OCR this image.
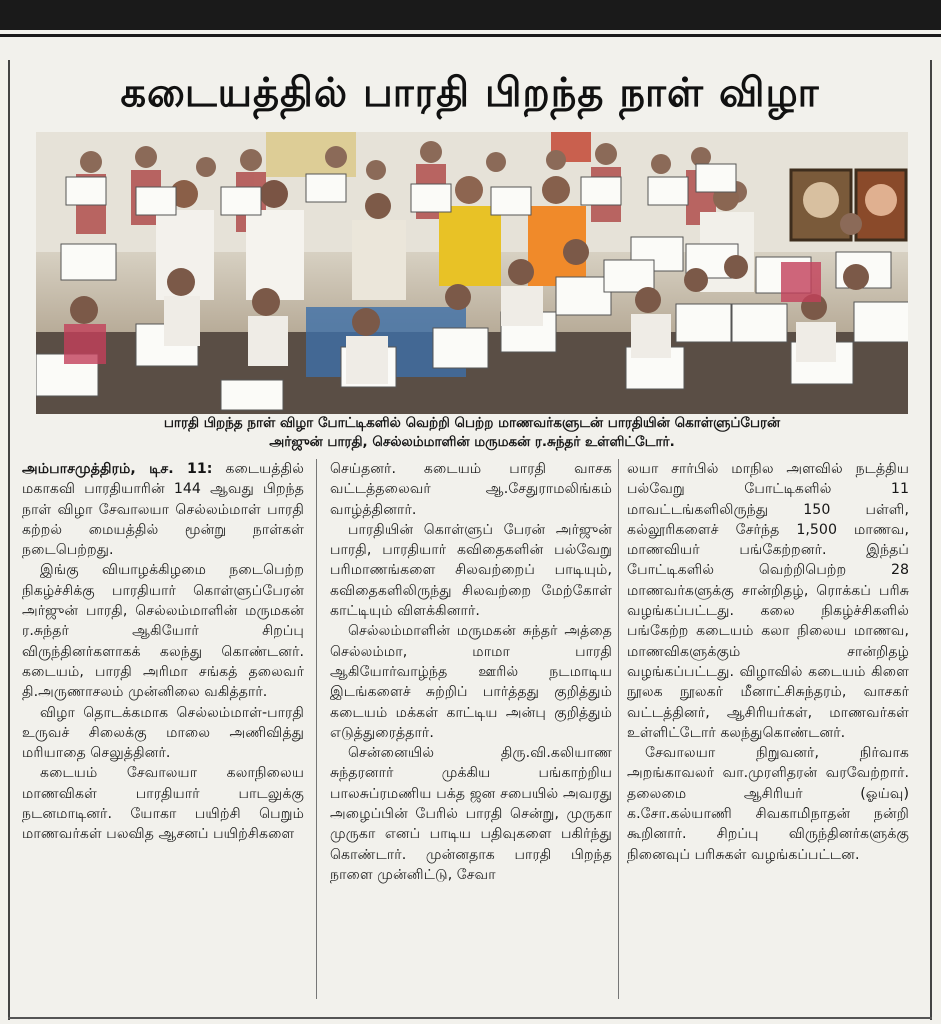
கடையத்தில் பாரதி பிறந்த நாள் விழா
பாரதி பிறந்த நாள் விழா போட்டிகளில் வெற்றி பெற்ற மாணவர்களுடன் பாரதியின் கொள்ளுப்பேரன்
அர்ஜுன் பாரதி, செல்லம்மாளின் மருமகன் ர.சுந்தர் உள்ளிட்டோர்.

அம்பாசமுத்திரம், டிச. 11: கடையத்தில் மகாகவி பாரதியாரின் 144 ஆவது பிறந்த நாள் விழா சேவாலயா செல்லம்மாள் பாரதி கற்றல் மையத்தில் மூன்று நாள்கள் நடைபெற்றது.

இங்கு வியாழக்கிழமை நடைபெற்ற நிகழ்ச்சிக்கு பாரதியார் கொள்ளுப்பேரன் அர்ஜுன் பாரதி, செல்லம்மாளின் மருமகன் ர.சுந்தர் ஆகியோர் சிறப்பு விருந்தினர்களாகக் கலந்து கொண்டனர். கடையம், பாரதி அரிமா சங்கத் தலைவர் தி.அருணாசலம் முன்னிலை வகித்தார்.

விழா தொடக்கமாக செல்லம்மாள்-பாரதி உருவச் சிலைக்கு மாலை அணிவித்து மரியாதை செலுத்தினர்.

கடையம் சேவாலயா கலாநிலைய மாணவிகள் பாரதியார் பாடலுக்கு நடனமாடினர். யோகா பயிற்சி பெறும் மாணவர்கள் பலவித ஆசனப் பயிற்சிகளை

செய்தனர். கடையம் பாரதி வாசக வட்டத்தலைவர் ஆ.சேதுராமலிங்கம் வாழ்த்தினார்.

பாரதியின் கொள்ளுப் பேரன் அர்ஜுன் பாரதி, பாரதியார் கவிதைகளின் பல்வேறு பரிமாணங்களை சிலவற்றைப் பாடியும், கவிதைகளிலிருந்து சிலவற்றை மேற்கோள் காட்டியும் விளக்கினார்.

செல்லம்மாளின் மருமகன் சுந்தர் அத்தை செல்லம்மா, மாமா பாரதி ஆகியோர்வாழ்ந்த ஊரில் நடமாடிய இடங்களைச் சுற்றிப் பார்த்தது குறித்தும் கடையம் மக்கள் காட்டிய அன்பு குறித்தும் எடுத்துரைத்தார்.

சென்னையில் திரு.வி.கலியாண சுந்தரனார் முக்கிய பங்காற்றிய பாலசுப்ரமணிய பக்த ஜன சபையில் அவரது அழைப்பின் பேரில் பாரதி சென்று, முருகா முருகா எனப் பாடிய பதிவுகளை பகிர்ந்து கொண்டார். முன்னதாக பாரதி பிறந்த நாளை முன்னிட்டு, சேவா

லயா சார்பில் மாநில அளவில் நடத்திய பல்வேறு போட்டிகளில் 11 மாவட்டங்களிலிருந்து 150 பள்ளி, கல்லூரிகளைச் சேர்ந்த 1,500 மாணவ, மாணவியர் பங்கேற்றனர். இந்தப் போட்டிகளில் வெற்றிபெற்ற 28 மாணவர்களுக்கு சான்றிதழ், ரொக்கப் பரிசு வழங்கப்பட்டது. கலை நிகழ்ச்சிகளில் பங்கேற்ற கடையம் கலா நிலைய மாணவ, மாணவிகளுக்கும் சான்றிதழ் வழங்கப்பட்டது. விழாவில் கடையம் கிளை நூலக நூலகர் மீனாட்சிசுந்தரம், வாசகர் வட்டத்தினர், ஆசிரியர்கள், மாணவர்கள் உள்ளிட்டோர் கலந்துகொண்டனர்.

சேவாலயா நிறுவனர், நிர்வாக அறங்காவலர் வா.முரளிதரன் வரவேற்றார். தலைமை ஆசிரியர் (ஓய்வு) க.சோ.கல்யாணி சிவகாமிநாதன் நன்றி கூறினார். சிறப்பு விருந்தினர்களுக்கு நினைவுப் பரிசுகள் வழங்கப்பட்டன.
